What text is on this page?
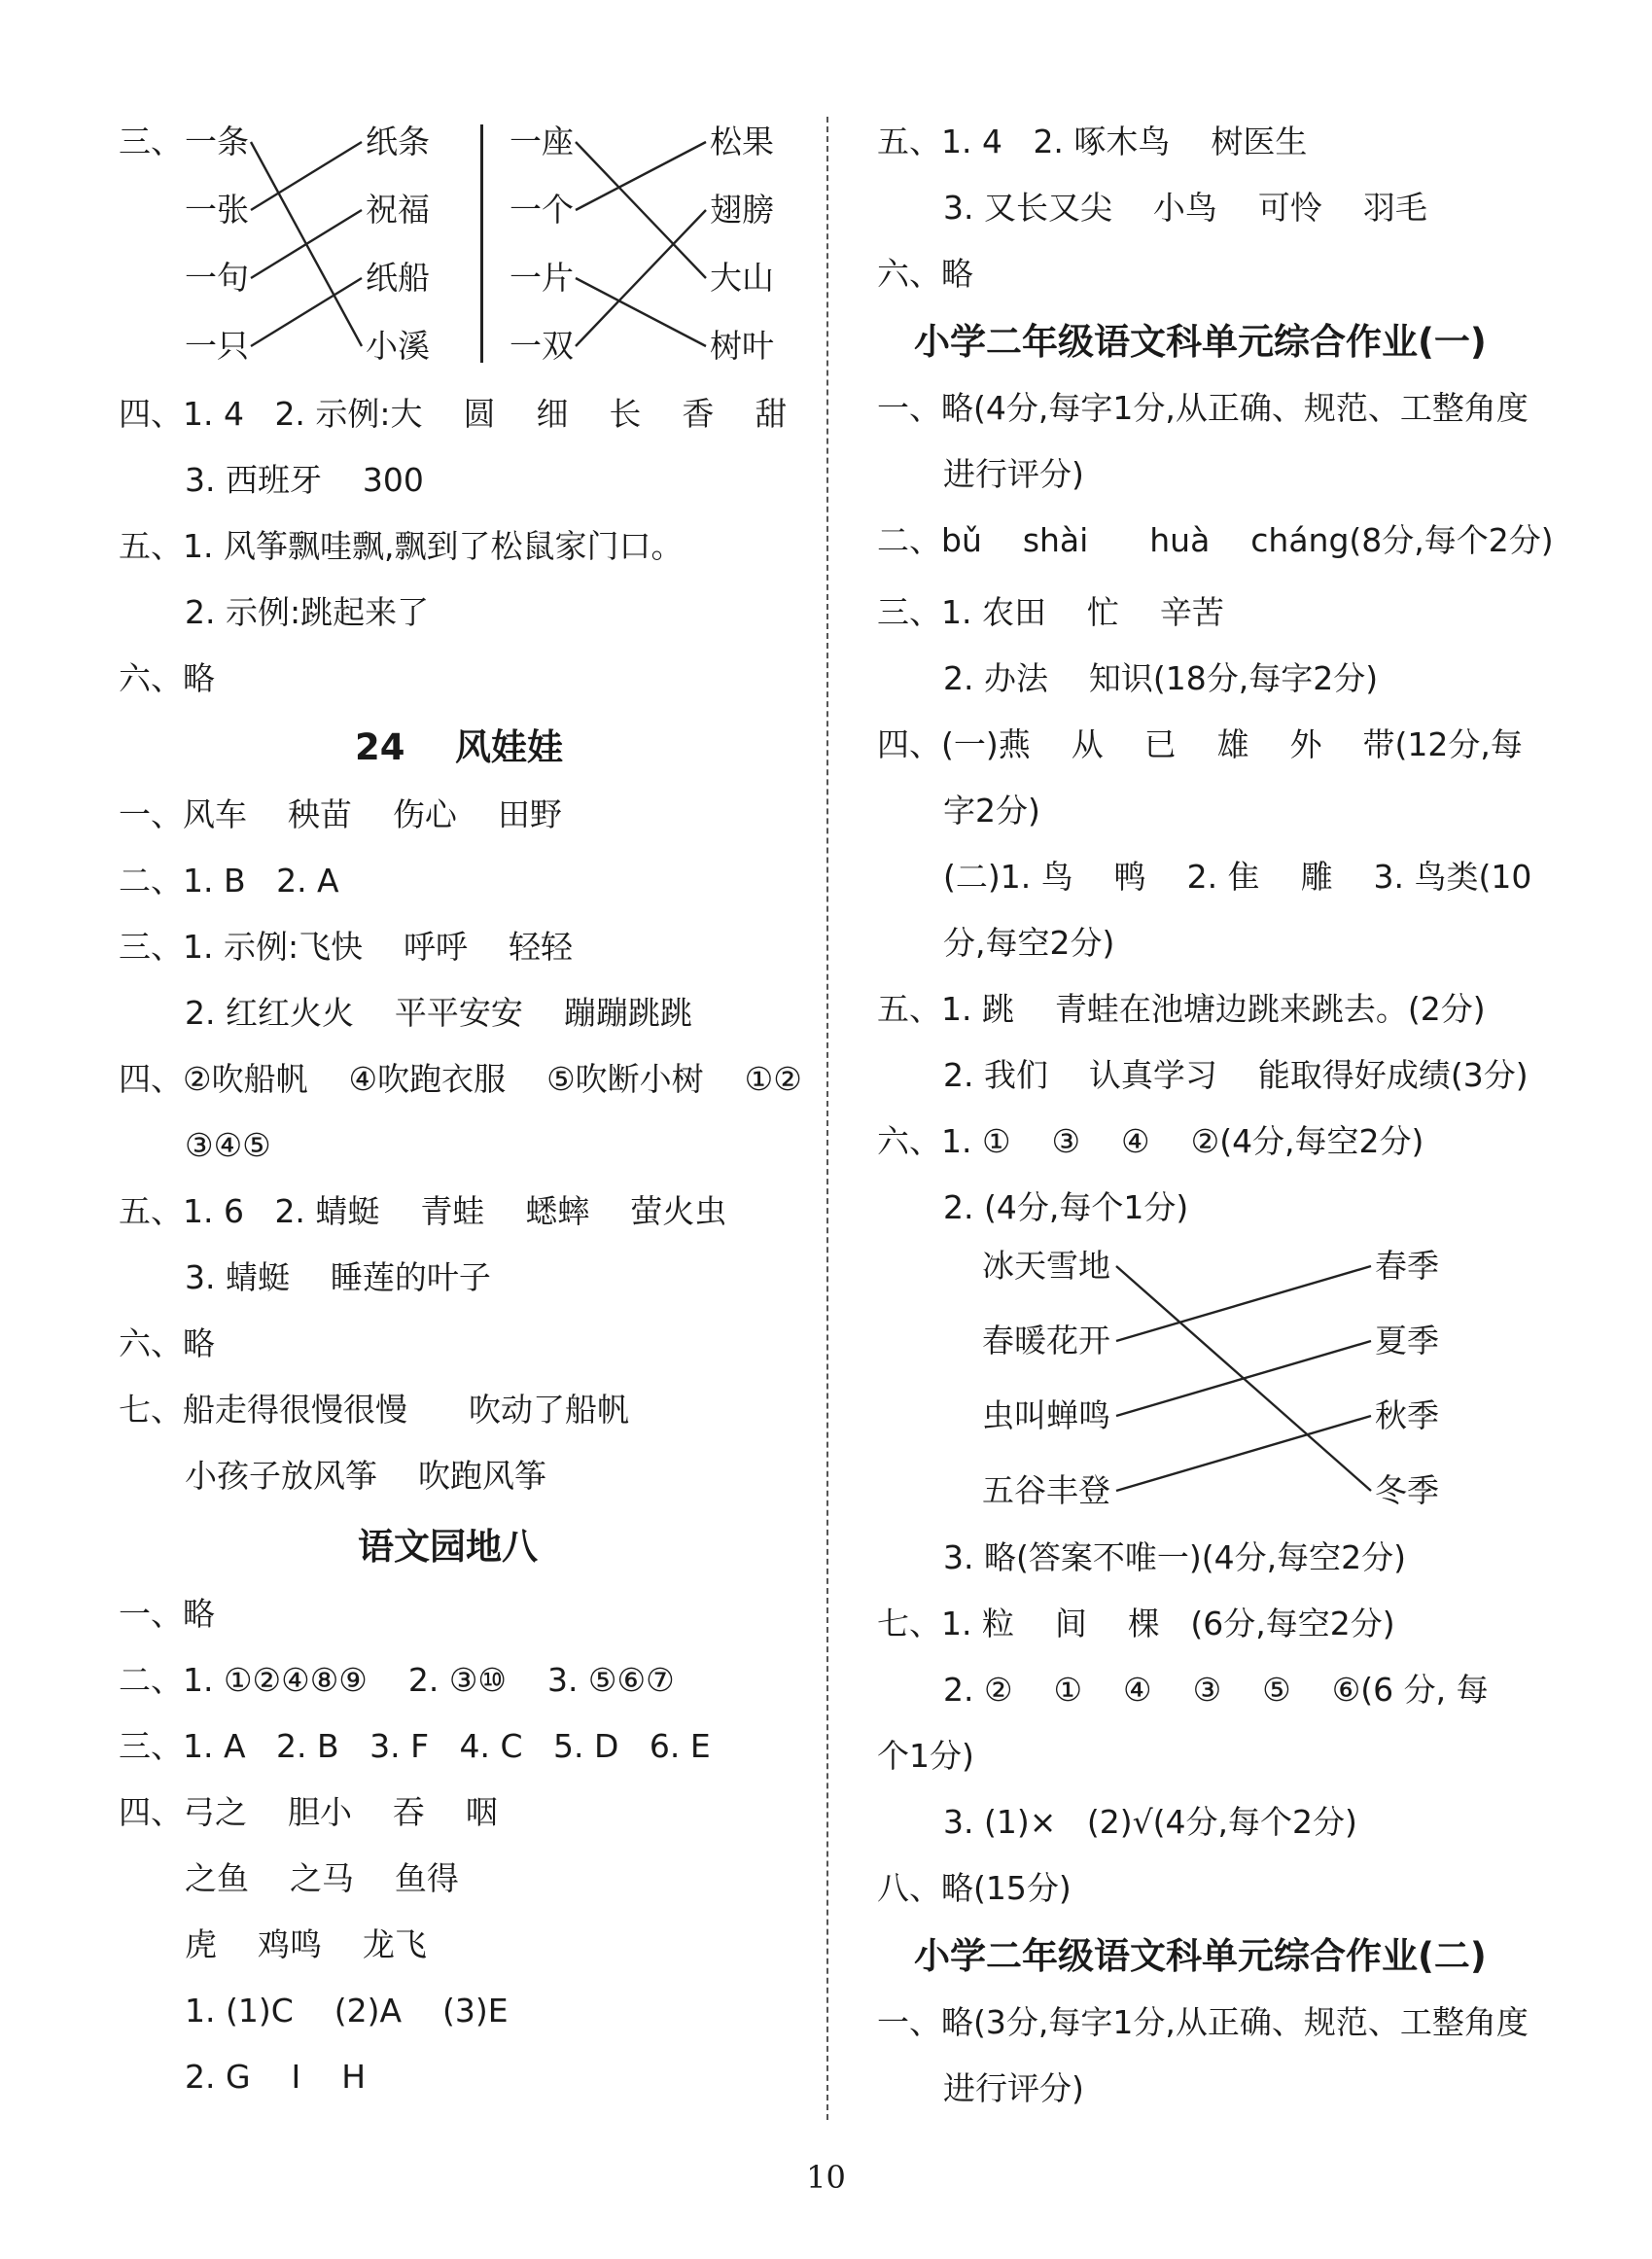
三、 一条
一张
一句
一只
纸条
祝福
纸船
小溪
一座
一个
一片
一双
松果
翅膀
大山
树叶
四、1. 4   2. 示例:大    圆    细    长    香    甜
3. 西班牙    300
五、1. 风筝飘哇飘,飘到了松鼠家门口。
2. 示例:跳起来了
六、略
24    风娃娃
一、风车    秧苗    伤心    田野
二、1. B   2. A
三、1. 示例:飞快    呼呼    轻轻
2. 红红火火    平平安安    蹦蹦跳跳
四、②吹船帆    ④吹跑衣服    ⑤吹断小树    ①②
③④⑤
五、1. 6   2. 蜻蜓    青蛙    蟋蟀    萤火虫
3. 蜻蜓    睡莲的叶子
六、略
七、船走得很慢很慢      吹动了船帆
小孩子放风筝    吹跑风筝
语文园地八
一、略
二、1. ①②④⑧⑨    2. ③⑩    3. ⑤⑥⑦
三、1. A   2. B   3. F   4. C   5. D   6. E
四、弓之    胆小    吞    咽
之鱼    之马    鱼得
虎    鸡鸣    龙飞
1. (1)C    (2)A    (3)E
2. G    I    H
五、1. 4   2. 啄木鸟    树医生
3. 又长又尖    小鸟    可怜    羽毛
六、略
小学二年级语文科单元综合作业(一)
一、略(4分,每字1分,从正确、规范、工整角度
进行评分)
二、bǔ    shài      huà    cháng(8分,每个2分)
三、1. 农田    忙    辛苦
2. 办法    知识(18分,每字2分)
四、(一)燕    从    已    雄    外    带(12分,每
字2分)
(二)1. 鸟    鸭    2. 隹    雕    3. 鸟类(10
分,每空2分)
五、1. 跳    青蛙在池塘边跳来跳去。(2分)
2. 我们    认真学习    能取得好成绩(3分)
六、1. ①    ③    ④    ②(4分,每空2分)
2. (4分,每个1分)
冰天雪地
春暖花开
虫叫蝉鸣
五谷丰登
春季
夏季
秋季
冬季
3. 略(答案不唯一)(4分,每空2分)
七、1. 粒    间    棵   (6分,每空2分)
2. ②    ①    ④    ③    ⑤    ⑥(6 分, 每
个1分)
3. (1)×   (2)√(4分,每个2分)
八、略(15分)
小学二年级语文科单元综合作业(二)
一、略(3分,每字1分,从正确、规范、工整角度
进行评分)
10
